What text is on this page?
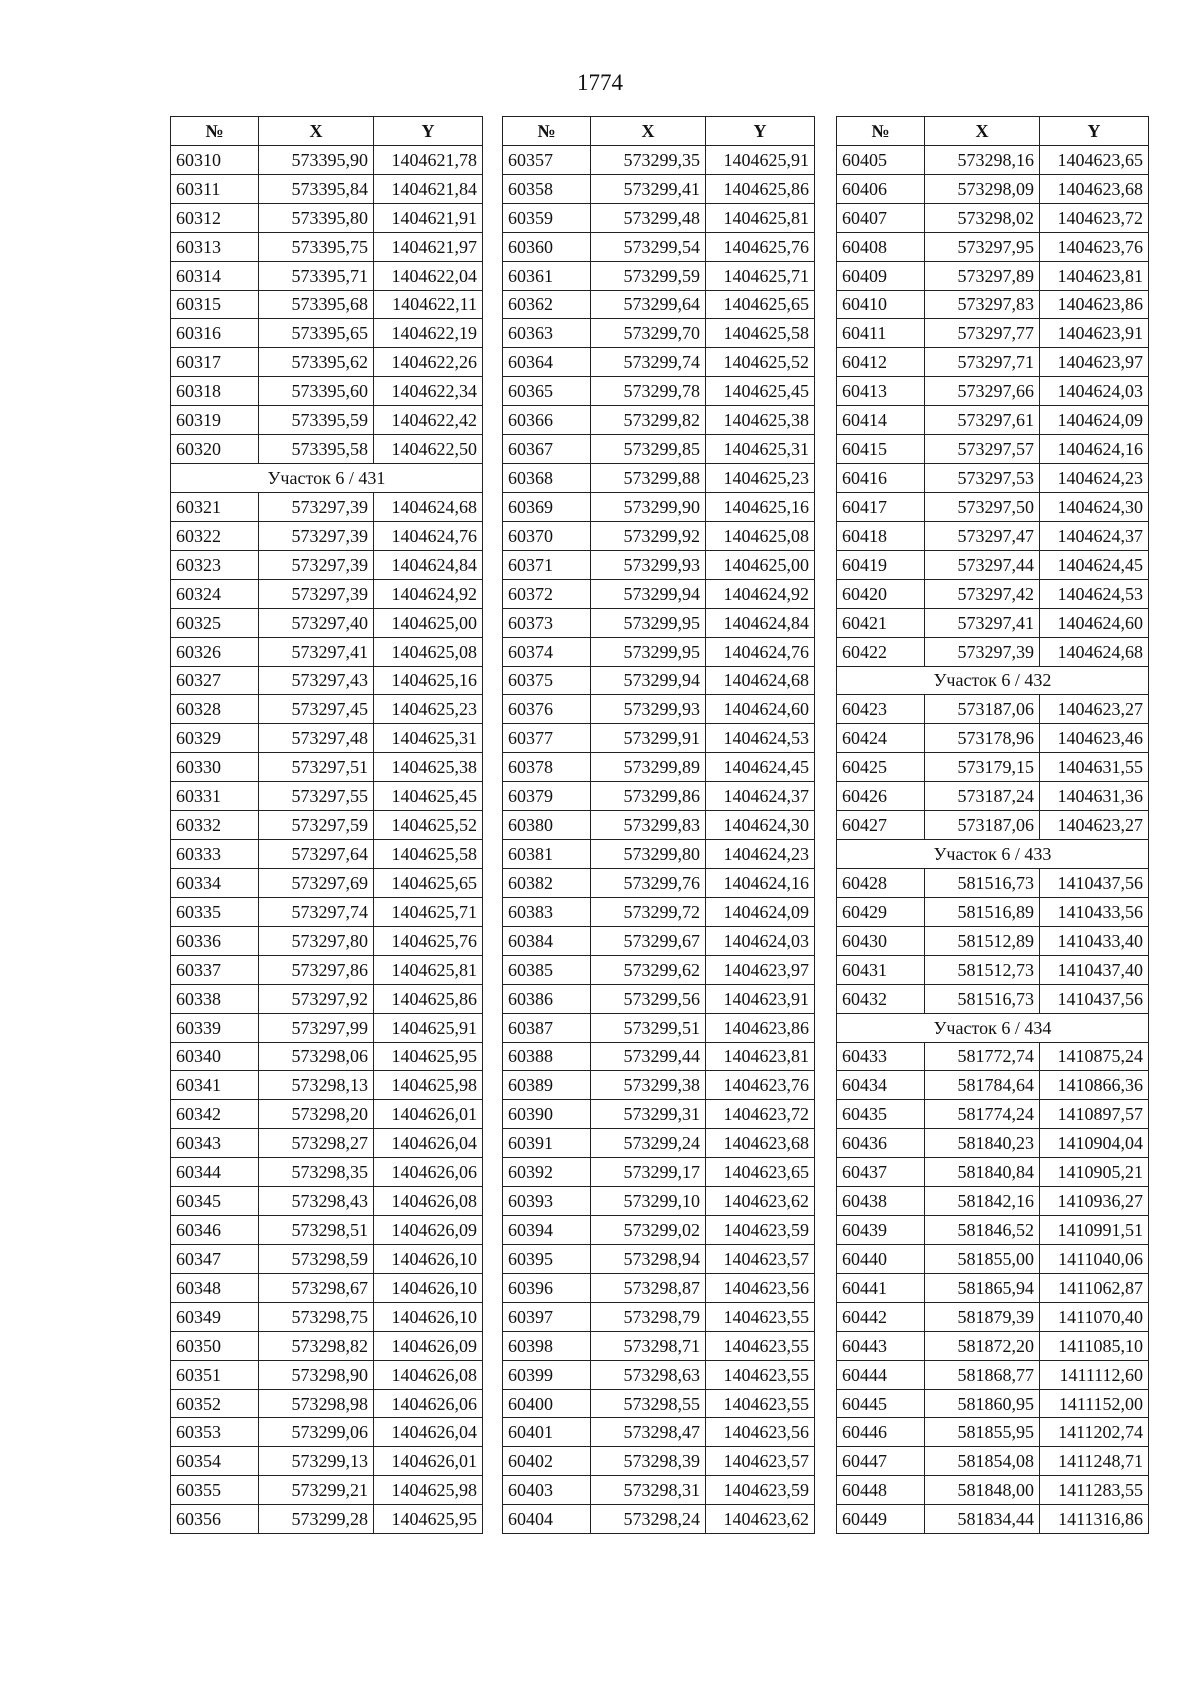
1774
№	X	Y
60310	573395,90	1404621,78
60311	573395,84	1404621,84
60312	573395,80	1404621,91
60313	573395,75	1404621,97
60314	573395,71	1404622,04
60315	573395,68	1404622,11
60316	573395,65	1404622,19
60317	573395,62	1404622,26
60318	573395,60	1404622,34
60319	573395,59	1404622,42
60320	573395,58	1404622,50
Участок 6 / 431		
60321	573297,39	1404624,68
60322	573297,39	1404624,76
60323	573297,39	1404624,84
60324	573297,39	1404624,92
60325	573297,40	1404625,00
60326	573297,41	1404625,08
60327	573297,43	1404625,16
60328	573297,45	1404625,23
60329	573297,48	1404625,31
60330	573297,51	1404625,38
60331	573297,55	1404625,45
60332	573297,59	1404625,52
60333	573297,64	1404625,58
60334	573297,69	1404625,65
60335	573297,74	1404625,71
60336	573297,80	1404625,76
60337	573297,86	1404625,81
60338	573297,92	1404625,86
60339	573297,99	1404625,91
60340	573298,06	1404625,95
60341	573298,13	1404625,98
60342	573298,20	1404626,01
60343	573298,27	1404626,04
60344	573298,35	1404626,06
60345	573298,43	1404626,08
60346	573298,51	1404626,09
60347	573298,59	1404626,10
60348	573298,67	1404626,10
60349	573298,75	1404626,10
60350	573298,82	1404626,09
60351	573298,90	1404626,08
60352	573298,98	1404626,06
60353	573299,06	1404626,04
60354	573299,13	1404626,01
60355	573299,21	1404625,98
60356	573299,28	1404625,95
№	X	Y
60357	573299,35	1404625,91
60358	573299,41	1404625,86
60359	573299,48	1404625,81
60360	573299,54	1404625,76
60361	573299,59	1404625,71
60362	573299,64	1404625,65
60363	573299,70	1404625,58
60364	573299,74	1404625,52
60365	573299,78	1404625,45
60366	573299,82	1404625,38
60367	573299,85	1404625,31
60368	573299,88	1404625,23
60369	573299,90	1404625,16
60370	573299,92	1404625,08
60371	573299,93	1404625,00
60372	573299,94	1404624,92
60373	573299,95	1404624,84
60374	573299,95	1404624,76
60375	573299,94	1404624,68
60376	573299,93	1404624,60
60377	573299,91	1404624,53
60378	573299,89	1404624,45
60379	573299,86	1404624,37
60380	573299,83	1404624,30
60381	573299,80	1404624,23
60382	573299,76	1404624,16
60383	573299,72	1404624,09
60384	573299,67	1404624,03
60385	573299,62	1404623,97
60386	573299,56	1404623,91
60387	573299,51	1404623,86
60388	573299,44	1404623,81
60389	573299,38	1404623,76
60390	573299,31	1404623,72
60391	573299,24	1404623,68
60392	573299,17	1404623,65
60393	573299,10	1404623,62
60394	573299,02	1404623,59
60395	573298,94	1404623,57
60396	573298,87	1404623,56
60397	573298,79	1404623,55
60398	573298,71	1404623,55
60399	573298,63	1404623,55
60400	573298,55	1404623,55
60401	573298,47	1404623,56
60402	573298,39	1404623,57
60403	573298,31	1404623,59
60404	573298,24	1404623,62
№	X	Y
60405	573298,16	1404623,65
60406	573298,09	1404623,68
60407	573298,02	1404623,72
60408	573297,95	1404623,76
60409	573297,89	1404623,81
60410	573297,83	1404623,86
60411	573297,77	1404623,91
60412	573297,71	1404623,97
60413	573297,66	1404624,03
60414	573297,61	1404624,09
60415	573297,57	1404624,16
60416	573297,53	1404624,23
60417	573297,50	1404624,30
60418	573297,47	1404624,37
60419	573297,44	1404624,45
60420	573297,42	1404624,53
60421	573297,41	1404624,60
60422	573297,39	1404624,68
Участок 6 / 432		
60423	573187,06	1404623,27
60424	573178,96	1404623,46
60425	573179,15	1404631,55
60426	573187,24	1404631,36
60427	573187,06	1404623,27
Участок 6 / 433		
60428	581516,73	1410437,56
60429	581516,89	1410433,56
60430	581512,89	1410433,40
60431	581512,73	1410437,40
60432	581516,73	1410437,56
Участок 6 / 434		
60433	581772,74	1410875,24
60434	581784,64	1410866,36
60435	581774,24	1410897,57
60436	581840,23	1410904,04
60437	581840,84	1410905,21
60438	581842,16	1410936,27
60439	581846,52	1410991,51
60440	581855,00	1411040,06
60441	581865,94	1411062,87
60442	581879,39	1411070,40
60443	581872,20	1411085,10
60444	581868,77	1411112,60
60445	581860,95	1411152,00
60446	581855,95	1411202,74
60447	581854,08	1411248,71
60448	581848,00	1411283,55
60449	581834,44	1411316,86
